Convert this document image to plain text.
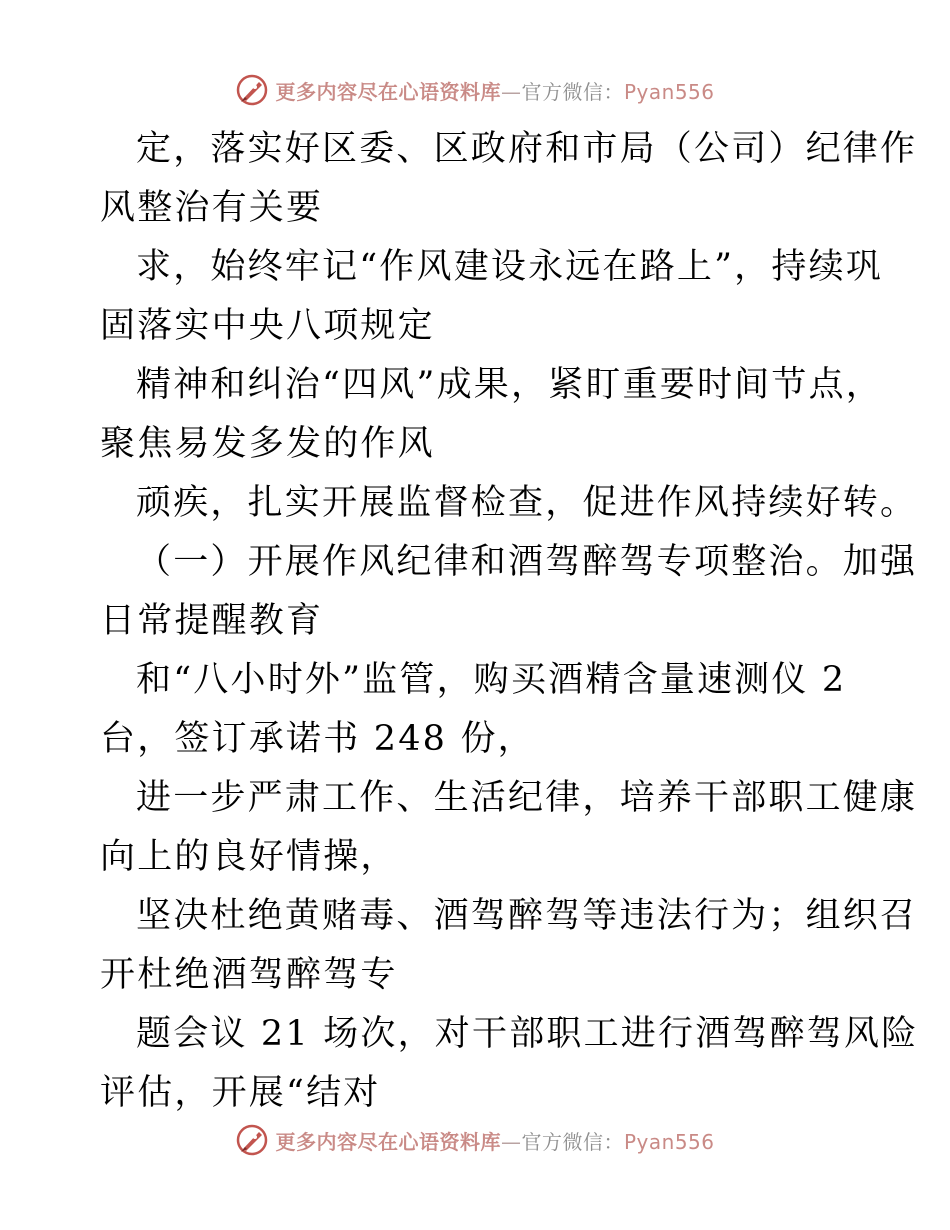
更多内容尽在心语资料库—官方微信：Pyan556
定，落实好区委、区政府和市局（公司）纪律作
风整治有关要
求，始终牢记“作风建设永远在路上”，持续巩
固落实中央八项规定
精神和纠治“四风”成果，紧盯重要时间节点，
聚焦易发多发的作风
顽疾，扎实开展监督检查，促进作风持续好转。
（一）开展作风纪律和酒驾醉驾专项整治。加强
日常提醒教育
和“八小时外”监管，购买酒精含量速测仪 2
台，签订承诺书 248 份，
进一步严肃工作、生活纪律，培养干部职工健康
向上的良好情操，
坚决杜绝黄赌毒、酒驾醉驾等违法行为；组织召
开杜绝酒驾醉驾专
题会议 21 场次，对干部职工进行酒驾醉驾风险
评估，开展“结对
更多内容尽在心语资料库—官方微信：Pyan556
